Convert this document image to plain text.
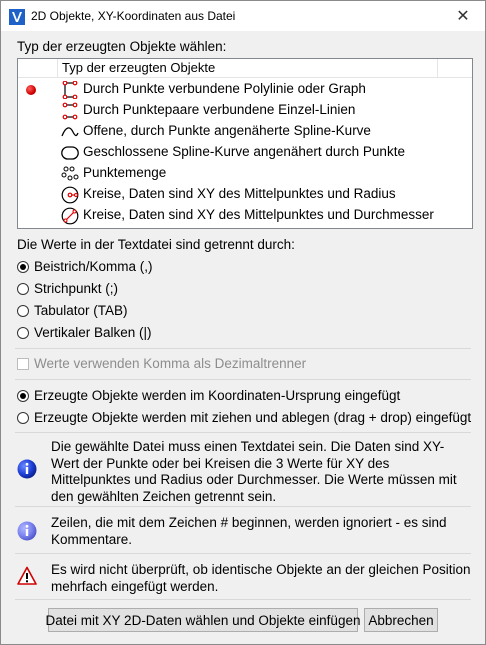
2D Objekte, XY-Koordinaten aus Datei	✕
Typ der erzeugten Objekte wählen:
Typ der erzeugten Objekte
Durch Punkte verbundene Polylinie oder Graph
Durch Punktepaare verbundene Einzel-Linien
Offene, durch Punkte angenäherte Spline-Kurve
Geschlossene Spline-Kurve angenähert durch Punkte
Punktemenge
Kreise, Daten sind XY des Mittelpunktes und Radius
Kreise, Daten sind XY des Mittelpunktes und Durchmesser
Die Werte in der Textdatei sind getrennt durch:
Beistrich/Komma (,)
Strichpunkt (;)
Tabulator (TAB)
Vertikaler Balken (|)
Werte verwenden Komma als Dezimaltrenner
Erzeugte Objekte werden im Koordinaten-Ursprung eingefügt
Erzeugte Objekte werden mit ziehen und ablegen (drag + drop) eingefügt
Die gewählte Datei muss einen Textdatei sein. Die Daten sind XY-Wert der Punkte oder bei Kreisen die 3 Werte für XY des Mittelpunktes und Radius oder Durchmesser. Die Werte müssen mit den gewählten Zeichen getrennt sein.
Zeilen, die mit dem Zeichen # beginnen, werden ignoriert - es sind Kommentare.
Es wird nicht überprüft, ob identische Objekte an der gleichen Position mehrfach eingefügt werden.
Datei mit XY 2D-Daten wählen und Objekte einfügen Abbrechen
